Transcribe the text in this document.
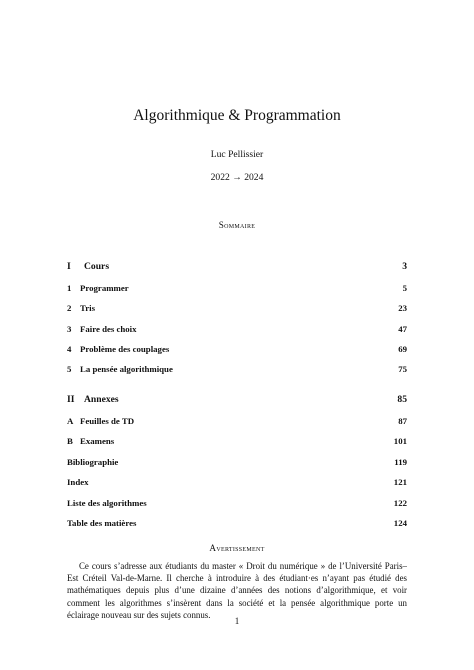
Algorithmique & Programmation
Luc Pellissier
2022 → 2024
Sommaire
I Cours	3
1 Programmer	5
2 Tris	23
3 Faire des choix	47
4 Problème des couplages	69
5 La pensée algorithmique	75
II Annexes	85
A Feuilles de TD	87
B Examens	101
Bibliographie	119
Index	121
Liste des algorithmes	122
Table des matières	124
Avertissement
Ce cours s’adresse aux étudiants du master « Droit du numérique » de l’Université Paris–Est Créteil Val-de-Marne. Il cherche à introduire à des étudiant·es n’ayant pas étudié des mathématiques depuis plus d’une dizaine d’années des notions d’algorithmique, et voir comment les algorithmes s’insèrent dans la société et la pensée algorithmique porte un éclairage nouveau sur des sujets connus.
1
